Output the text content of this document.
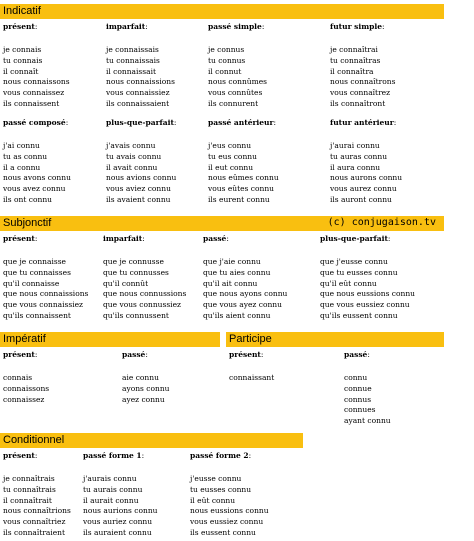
Indicatif
Subjonctif	(c) conjugaison.tv
Impératif	Participe
Conditionnel
présent:
je connais
tu connais
il connaît
nous connaissons
vous connaissez
ils connaissent
imparfait:
je connaissais
tu connaissais
il connaissait
nous connaissions
vous connaissiez
ils connaissaient
passé simple:
je connus
tu connus
il connut
nous connûmes
vous connûtes
ils connurent
futur simple:
je connaîtrai
tu connaîtras
il connaîtra
nous connaîtrons
vous connaîtrez
ils connaîtront
passé composé:
j'ai connu
tu as connu
il a connu
nous avons connu
vous avez connu
ils ont connu
plus-que-parfait:
j'avais connu
tu avais connu
il avait connu
nous avions connu
vous aviez connu
ils avaient connu
passé antérieur:
j'eus connu
tu eus connu
il eut connu
nous eûmes connu
vous eûtes connu
ils eurent connu
futur antérieur:
j'aurai connu
tu auras connu
il aura connu
nous aurons connu
vous aurez connu
ils auront connu
présent:
que je connaisse
que tu connaisses
qu'il connaisse
que nous connaissions
que vous connaissiez
qu'ils connaissent
imparfait:
que je connusse
que tu connusses
qu'il connût
que nous connussions
que vous connussiez
qu'ils connussent
passé:
que j'aie connu
que tu aies connu
qu'il ait connu
que nous ayons connu
que vous ayez connu
qu'ils aient connu
plus-que-parfait:
que j'eusse connu
que tu eusses connu
qu'il eût connu
que nous eussions connu
que vous eussiez connu
qu'ils eussent connu
présent:
connais
connaissons
connaissez
passé:
aie connu
ayons connu
ayez connu
présent:
connaissant
passé:
connu
connue
connus
connues
ayant connu
présent:
je connaîtrais
tu connaîtrais
il connaîtrait
nous connaîtrions
vous connaîtriez
ils connaîtraient
passé forme 1:
j'aurais connu
tu aurais connu
il aurait connu
nous aurions connu
vous auriez connu
ils auraient connu
passé forme 2:
j'eusse connu
tu eusses connu
il eût connu
nous eussions connu
vous eussiez connu
ils eussent connu
